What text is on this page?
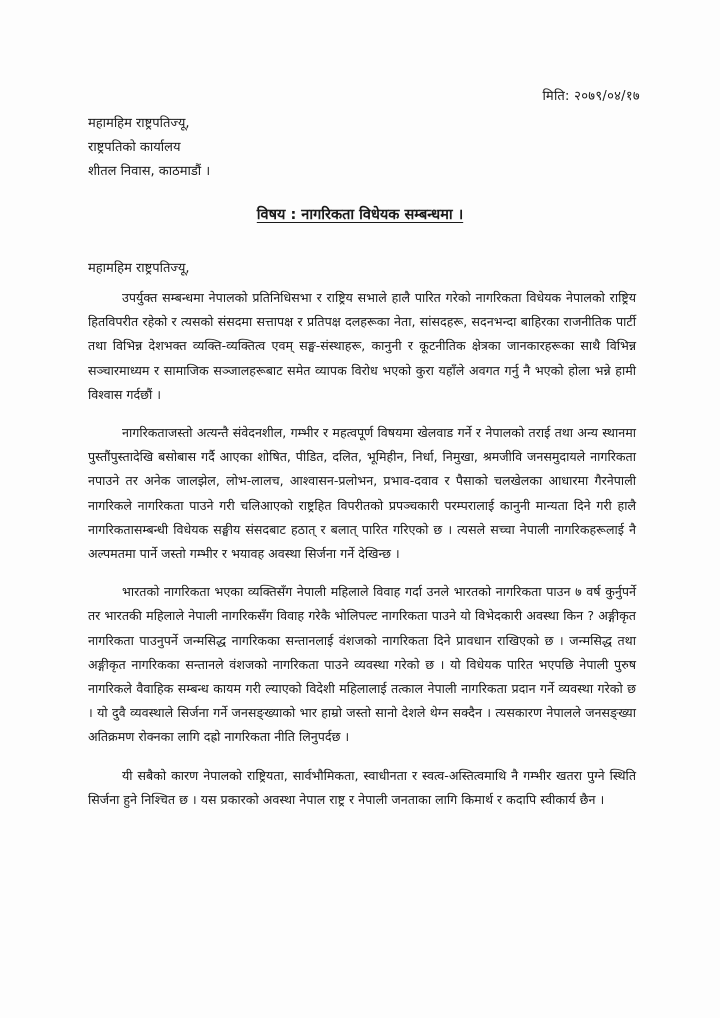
मिति: २०७९/०४/१७
महामहिम राष्ट्रपतिज्यू,
राष्ट्रपतिको कार्यालय
शीतल निवास, काठमाडौं ।
विषय : नागरिकता विधेयक सम्बन्धमा ।
महामहिम राष्ट्रपतिज्यू,

उपर्युक्त सम्बन्धमा नेपालको प्रतिनिधिसभा र राष्ट्रिय सभाले हालै पारित गरेको नागरिकता विधेयक नेपालको राष्ट्रिय हितविपरीत रहेको र त्यसको संसदमा सत्तापक्ष र प्रतिपक्ष दलहरूका नेता, सांसदहरू, सदनभन्दा बाहिरका राजनीतिक पार्टी तथा विभिन्न देशभक्त व्यक्ति-व्यक्तित्व एवम् सङ्घ-संस्थाहरू, कानुनी र कूटनीतिक क्षेत्रका जानकारहरूका साथै विभिन्न सञ्चारमाध्यम र सामाजिक सञ्जालहरूबाट समेत व्यापक विरोध भएको कुरा यहाँले अवगत गर्नु नै भएको होला भन्ने हामी विश्वास गर्दछौं ।

नागरिकताजस्तो अत्यन्तै संवेदनशील, गम्भीर र महत्वपूर्ण विषयमा खेलवाड गर्ने र नेपालको तराई तथा अन्य स्थानमा पुस्तौंपुस्तादेखि बसोबास गर्दै आएका शोषित, पीडित, दलित, भूमिहीन, निर्धा, निमुखा, श्रमजीवि जनसमुदायले नागरिकता नपाउने तर अनेक जालझेल, लोभ-लालच, आश्वासन-प्रलोभन, प्रभाव-दवाव र पैसाको चलखेलका आधारमा गैरनेपाली नागरिकले नागरिकता पाउने गरी चलिआएको राष्ट्रहित विपरीतको प्रपञ्चकारी परम्परालाई कानुनी मान्यता दिने गरी हालै नागरिकतासम्बन्धी विधेयक सङ्घीय संसदबाट हठात् र बलात् पारित गरिएको छ । त्यसले सच्चा नेपाली नागरिकहरूलाई नै अल्पमतमा पार्ने जस्तो गम्भीर र भयावह अवस्था सिर्जना गर्ने देखिन्छ ।

भारतको नागरिकता भएका व्यक्तिसँग नेपाली महिलाले विवाह गर्दा उनले भारतको नागरिकता पाउन ७ वर्ष कुर्नुपर्ने तर भारतकी महिलाले नेपाली नागरिकसँग विवाह गरेकै भोलिपल्ट नागरिकता पाउने यो विभेदकारी अवस्था किन ? अङ्गीकृत नागरिकता पाउनुपर्ने जन्मसिद्ध नागरिकका सन्तानलाई वंशजको नागरिकता दिने प्रावधान राखिएको छ । जन्मसिद्ध तथा अङ्गीकृत नागरिकका सन्तानले वंशजको नागरिकता पाउने व्यवस्था गरेको छ । यो विधेयक पारित भएपछि नेपाली पुरुष नागरिकले वैवाहिक सम्बन्ध कायम गरी ल्याएको विदेशी महिलालाई तत्काल नेपाली नागरिकता प्रदान गर्ने व्यवस्था गरेको छ । यो दुवै व्यवस्थाले सिर्जना गर्ने जनसङ्ख्याको भार हाम्रो जस्तो सानो देशले थेग्न सक्दैन । त्यसकारण नेपालले जनसङ्ख्या अतिक्रमण रोक्नका लागि दह्रो नागरिकता नीति लिनुपर्दछ ।

यी सबैको कारण नेपालको राष्ट्रियता, सार्वभौमिकता, स्वाधीनता र स्वत्व-अस्तित्वमाथि नै गम्भीर खतरा पुग्ने स्थिति सिर्जना हुने निश्चित छ । यस प्रकारको अवस्था नेपाल राष्ट्र र नेपाली जनताका लागि किमार्थ र कदापि स्वीकार्य छैन ।
